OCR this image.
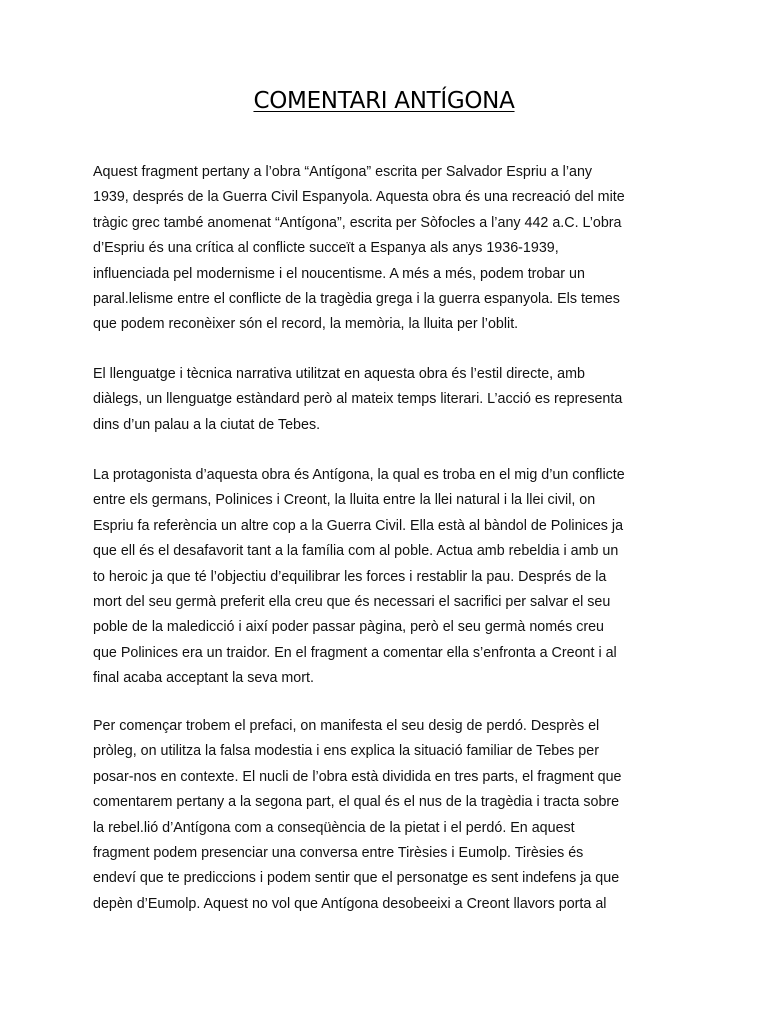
COMENTARI ANTÍGONA

Aquest fragment pertany a l’obra “Antígona” escrita per Salvador Espriu a l’any
1939, després de la Guerra Civil Espanyola. Aquesta obra és una recreació del mite
tràgic grec també anomenat “Antígona”, escrita per Sòfocles a l’any 442 a.C. L’obra
d’Espriu és una crítica al conflicte succeït a Espanya als anys 1936-1939,
influenciada pel modernisme i el noucentisme. A més a més, podem trobar un
paral.lelisme entre el conflicte de la tragèdia grega i la guerra espanyola. Els temes
que podem reconèixer són el record, la memòria, la lluita per l’oblit.

El llenguatge i tècnica narrativa utilitzat en aquesta obra és l’estil directe, amb
diàlegs, un llenguatge estàndard però al mateix temps literari. L’acció es representa
dins d’un palau a la ciutat de Tebes.

La protagonista d’aquesta obra és Antígona, la qual es troba en el mig d’un conflicte
entre els germans, Polinices i Creont, la lluita entre la llei natural i la llei civil, on
Espriu fa referència un altre cop a la Guerra Civil. Ella està al bàndol de Polinices ja
que ell és el desafavorit tant a la família com al poble. Actua amb rebeldia i amb un
to heroic ja que té l’objectiu d’equilibrar les forces i restablir la pau. Després de la
mort del seu germà preferit ella creu que és necessari el sacrifici per salvar el seu
poble de la maledicció i així poder passar pàgina, però el seu germà només creu
que Polinices era un traidor. En el fragment a comentar ella s’enfronta a Creont i al
final acaba acceptant la seva mort.

Per començar trobem el prefaci, on manifesta el seu desig de perdó. Desprès el
pròleg, on utilitza la falsa modestia i ens explica la situació familiar de Tebes per
posar-nos en contexte. El nucli de l’obra està dividida en tres parts, el fragment que
comentarem pertany a la segona part, el qual és el nus de la tragèdia i tracta sobre
la rebel.lió d’Antígona com a conseqüència de la pietat i el perdó. En aquest
fragment podem presenciar una conversa entre Tirèsies i Eumolp. Tirèsies és
endeví que te prediccions i podem sentir que el personatge es sent indefens ja que
depèn d’Eumolp. Aquest no vol que Antígona desobeeixi a Creont llavors porta al
